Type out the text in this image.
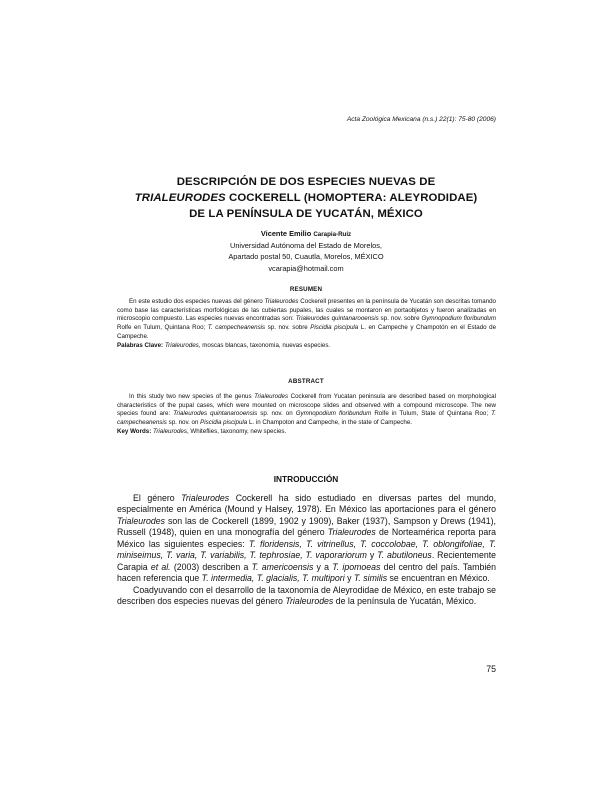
Acta Zoológica Mexicana (n.s.) 22(1): 75-80 (2006)
DESCRIPCIÓN DE DOS ESPECIES NUEVAS DE
TRIALEURODES COCKERELL (HOMOPTERA: ALEYRODIDAE)
DE LA PENÍNSULA DE YUCATÁN, MÉXICO
Vicente Emilio Carapia-Ruíz
Universidad Autónoma del Estado de Morelos,
Apartado postal 50, Cuautla, Morelos, MÉXICO
vcarapia@hotmail.com
RESUMEN

En este estudio dos especies nuevas del género Trialeurodes Cockerell presentes en la península de Yucatán son descritas tomando como base las características morfológicas de las cubiertas pupales, las cuales se montaron en portaobjetos y fueron analizadas en microscopio compuesto. Las especies nuevas encontradas son: Trialeurodes quintanarooensis sp. nov. sobre Gymnopodium floribundum Rolfe en Tulum, Quintana Roo; T. campecheanensis sp. nov. sobre Piscidia piscipula L. en Campeche y Champotón en el Estado de Campeche.

Palabras Clave: Trialeurodes, moscas blancas, taxonomía, nuevas especies.

ABSTRACT

In this study two new species of the genus Trialeurodes Cockerell from Yucatan peninsula are described based on morphological characteristics of the pupal cases, which were mounted on microscope slides and observed with a compound microscope. The new species found are: Trialeurodes quintanarooensis sp. nov. on Gymnopodium floribundum Rolfe in Tulum, State of Quintana Roo; T. campecheanensis sp. nov. on Piscidia piscipula L. in Champoton and Campeche, in the state of Campeche.

Key Words: Trialeurodes, Whiteflies, taxonomy, new species.

INTRODUCCIÓN

El género Trialeurodes Cockerell ha sido estudiado en diversas partes del mundo, especialmente en América (Mound y Halsey, 1978). En México las aportaciones para el género Trialeurodes son las de Cockerell (1899, 1902 y 1909), Baker (1937), Sampson y Drews (1941), Russell (1948), quien en una monografía del género Trialeurodes de Norteamérica reporta para México las siguientes especies: T. floridensis, T. vitrinellus, T. coccolobae, T. oblongifoliae, T. miniseimus, T. varia, T. variabilis, T. tephrosiae, T. vaporariorum y T. abutiloneus. Recientemente Carapia et al. (2003) describen a T. americoensis y a T. ipomoeas del centro del país. También hacen referencia que T. intermedia, T. glacialis, T. multipori y T. similis se encuentran en México.

Coadyuvando con el desarrollo de la taxonomía de Aleyrodidae de México, en este trabajo se describen dos especies nuevas del género Trialeurodes de la península de Yucatán, México.

75
